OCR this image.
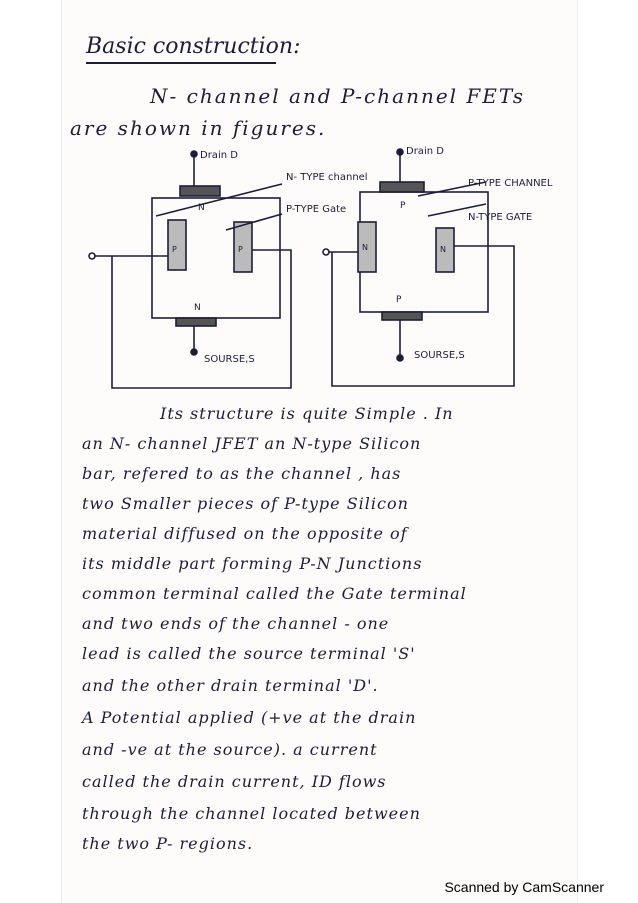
Basic construction:
N- channel and P-channel FETs
are shown in figures.
Drain D
N
N
P	P
N- TYPE channel
P-TYPE Gate
SOURSE,S
Drain D
P
P
N	N
P-TYPE CHANNEL
N-TYPE GATE
SOURSE,S
Its structure is quite Simple . In
an N- channel JFET an N-type Silicon
bar, refered to as the channel , has
two Smaller pieces of P-type Silicon
material diffused on the opposite of
its middle part forming P-N Junctions
common terminal called the Gate terminal
and two ends of the channel - one
lead is called the source terminal 'S'
and the other drain terminal 'D'.
A Potential applied (+ve at the drain
and -ve at the source). a current
called the drain current, ID flows
through the channel located between
the two P- regions.
Scanned by CamScanner
